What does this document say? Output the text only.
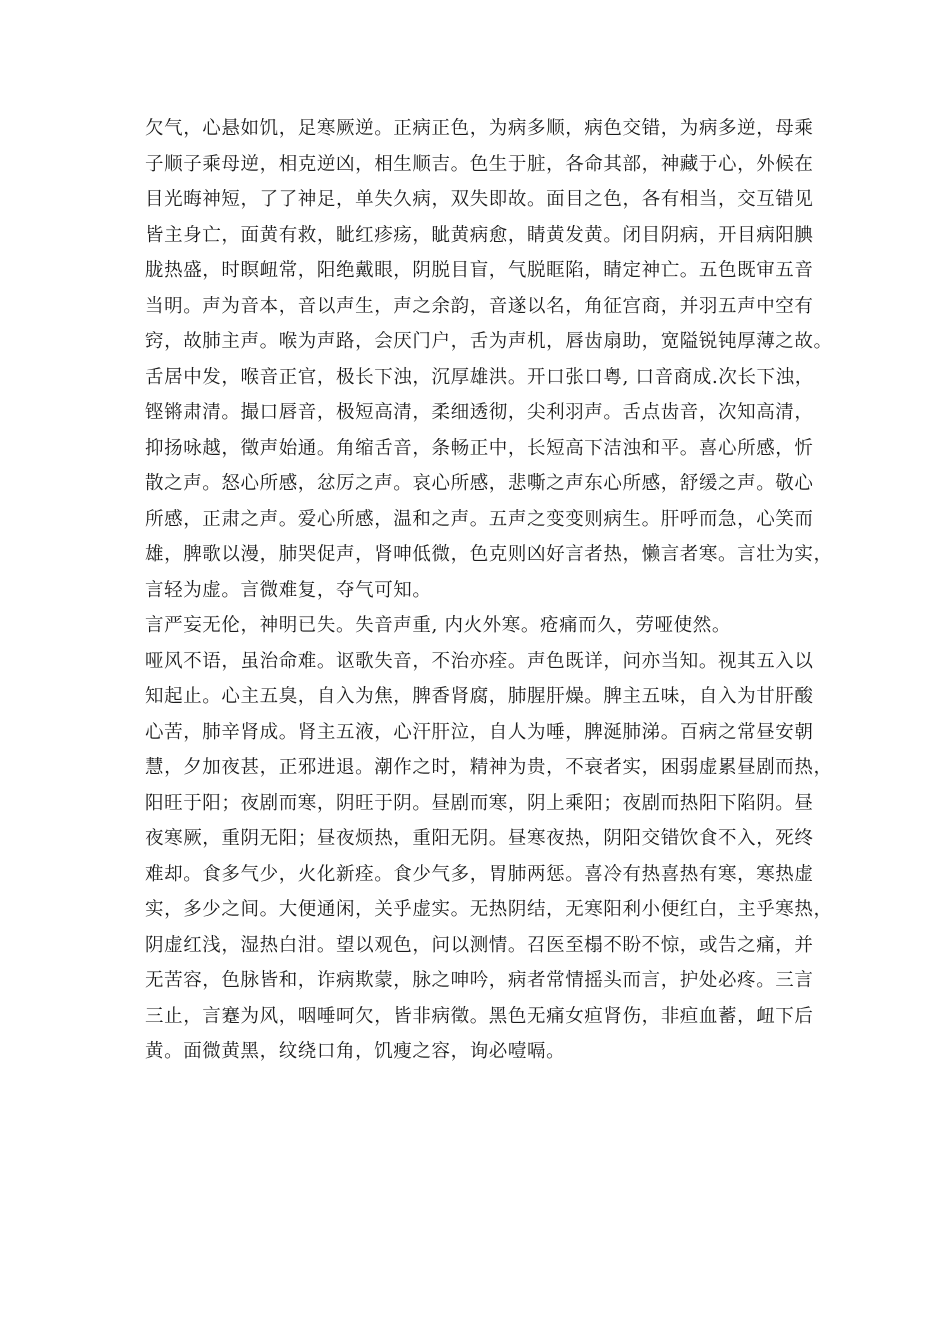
欠气，心悬如饥，足寒厥逆。正病正色，为病多顺，病色交错，为病多逆，母乘
子顺子乘母逆，相克逆凶，相生顺吉。色生于脏，各命其部，神藏于心，外候在
目光晦神短，了了神足，单失久病，双失即故。面目之色，各有相当，交互错见
皆主身亡，面黄有救，眦红疹疡，眦黄病愈，睛黄发黄。闭目阴病，开目病阳腆
胧热盛，时瞑衄常，阳绝戴眼，阴脱目盲，气脱眶陷，睛定神亡。五色既审五音
当明。声为音本，音以声生，声之余韵，音遂以名，角征宫商，并羽五声中空有
窍，故肺主声。喉为声路，会厌门户，舌为声机，唇齿扇助，宽隘锐钝厚薄之故。
舌居中发，喉音正官，极长下浊，沉厚雄洪。开口张口粤, 口音商成.次长下浊，
铿锵肃清。撮口唇音，极短高清，柔细透彻，尖利羽声。舌点齿音，次知高清，
抑扬咏越，徵声始通。角缩舌音，条畅正中，长短高下洁浊和平。喜心所感，忻
散之声。怒心所感，忿厉之声。哀心所感，悲嘶之声东心所感，舒缓之声。敬心
所感，正肃之声。爱心所感，温和之声。五声之变变则病生。肝呼而急，心笑而
雄，脾歌以漫，肺哭促声，肾呻低微，色克则凶好言者热，懒言者寒。言壮为实，
言轻为虚。言微难复，夺气可知。
言严妄无伦，神明已失。失音声重, 内火外寒。疮痛而久，劳哑使然。
哑风不语，虽治命难。讴歌失音，不治亦痊。声色既详，问亦当知。视其五入以
知起止。心主五臭，自入为焦，脾香肾腐，肺腥肝燥。脾主五味，自入为甘肝酸
心苦，肺辛肾成。肾主五液，心汗肝泣，自人为唾，脾涎肺涕。百病之常昼安朝
慧，夕加夜甚，正邪进退。潮作之时，精神为贵，不衰者实，困弱虚累昼剧而热，
阳旺于阳；夜剧而寒，阴旺于阴。昼剧而寒，阴上乘阳；夜剧而热阳下陷阴。昼
夜寒厥，重阴无阳；昼夜烦热，重阳无阴。昼寒夜热，阴阳交错饮食不入，死终
难却。食多气少，火化新痊。食少气多，胃肺两惩。喜冷有热喜热有寒，寒热虚
实，多少之间。大便通闲，关乎虚实。无热阴结，无寒阳利小便红白，主乎寒热，
阴虚红浅，湿热白泔。望以观色，问以测情。召医至榻不盼不惊，或告之痛，并
无苦容，色脉皆和，诈病欺蒙，脉之呻吟，病者常情摇头而言，护处必疼。三言
三止，言蹇为风，咽唾呵欠，皆非病徵。黑色无痛女疸肾伤，非疸血蓄，衄下后
黄。面微黄黑，纹绕口角，饥瘦之容，询必噎嗝。
